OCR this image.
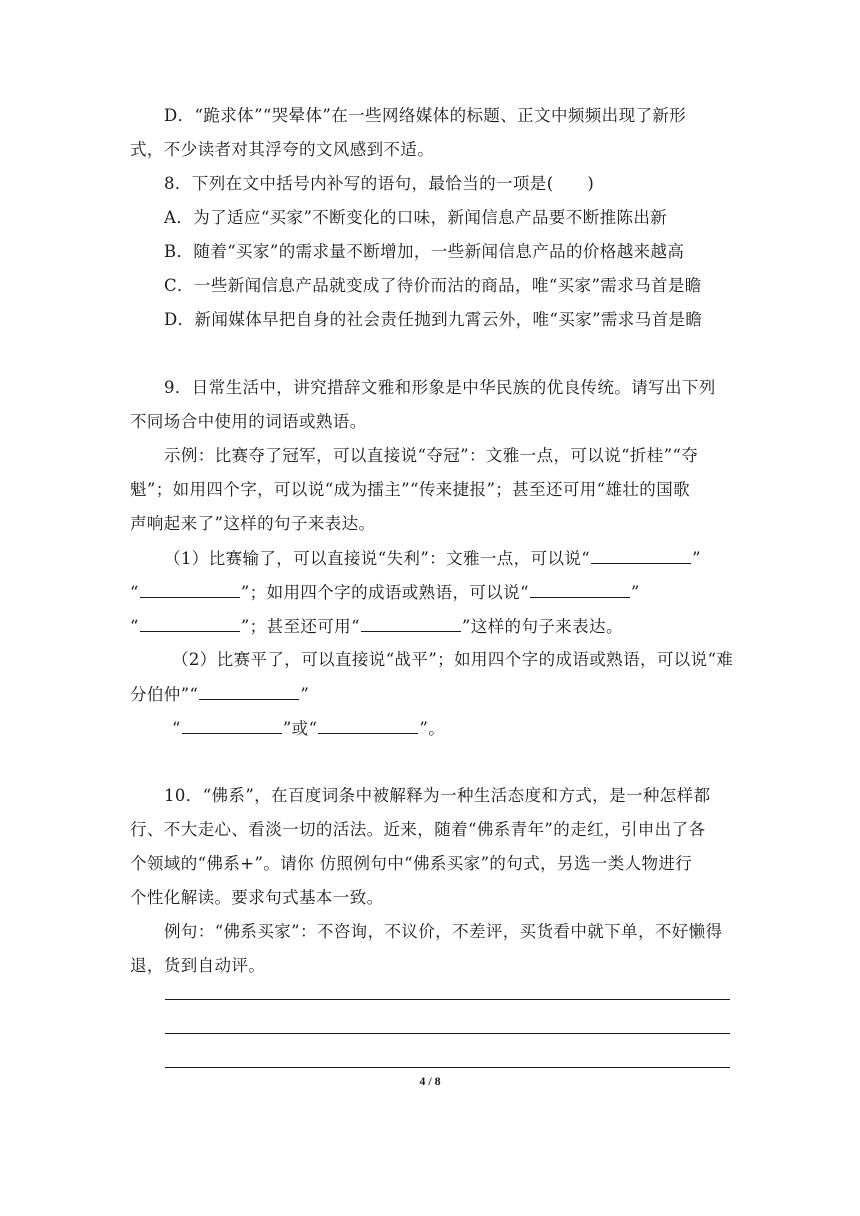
D．“跪求体”“哭晕体”在一些网络媒体的标题、正文中频频出现了新形
式，不少读者对其浮夸的文风感到不适。
8．下列在文中括号内补写的语句，最恰当的一项是(　　)
A．为了适应“买家”不断变化的口味，新闻信息产品要不断推陈出新
B．随着“买家”的需求量不断增加，一些新闻信息产品的价格越来越高
C．一些新闻信息产品就变成了待价而沽的商品，唯“买家”需求马首是瞻
D．新闻媒体早把自身的社会责任抛到九霄云外，唯“买家”需求马首是瞻
9．日常生活中，讲究措辞文雅和形象是中华民族的优良传统。请写出下列
不同场合中使用的词语或熟语。
示例：比赛夺了冠军，可以直接说“夺冠”：文雅一点，可以说“折桂”“夺
魁”；如用四个字，可以说“成为擂主”“传来捷报”；甚至还可用“雄壮的国歌
声响起来了”这样的句子来表达。
（1）比赛输了，可以直接说“失利”：文雅一点，可以说“	”
“	”；如用四个字的成语或熟语，可以说“	”
“	”；甚至还可用“	”这样的句子来表达。
（2）比赛平了，可以直接说“战平”；如用四个字的成语或熟语，可以说“难
分伯仲”“	”
“	”或“	”。
10．“佛系”，在百度词条中被解释为一种生活态度和方式，是一种怎样都
行、不大走心、看淡一切的活法。近来，随着“佛系青年”的走红，引申出了各
个领域的“佛系+”。请你 仿照例句中“佛系买家”的句式，另选一类人物进行
个性化解读。要求句式基本一致。
例句：“佛系买家”：不咨询，不议价，不差评，买货看中就下单，不好懒得
退，货到自动评。
4 / 8
